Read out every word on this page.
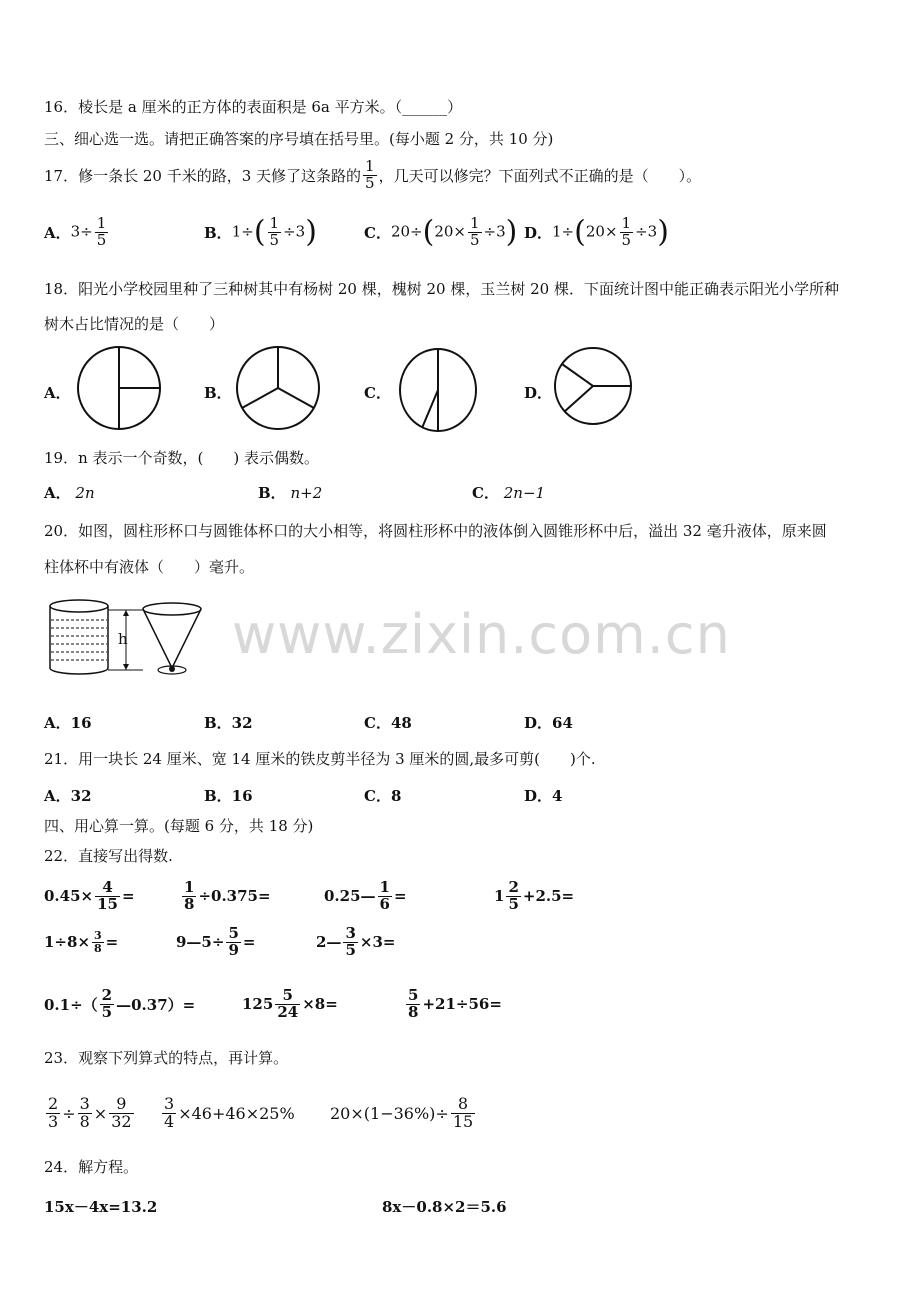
www.zixin.com.cn
16．棱长是 a 厘米的正方体的表面积是 6a 平方米。（______）
三、细心选一选。请把正确答案的序号填在括号里。(每小题 2 分，共 10 分)
17．修一条长 20 千米的路，3 天修了这条路的 $\frac{1}{5}$ ，几天可以修完？下面列式不正确的是（　　）。
A． $3\div \frac{1}{5}$	B． $1\div( \frac{1}{5} \div 3)$	C． $20\div(20\times \frac{1}{5} \div 3)$ D． $1\div(20\times \frac{1}{5} \div 3)$
18．阳光小学校园里种了三种树其中有杨树 20 棵，槐树 20 棵，玉兰树 20 棵．下面统计图中能正确表示阳光小学所种
树木占比情况的是（　　）
A．	B．	C．	D．
19．n 表示一个奇数，(　　) 表示偶数。
A． 2n	B． n+2	C． 2n−1
20．如图，圆柱形杯口与圆锥体杯口的大小相等，将圆柱形杯中的液体倒入圆锥形杯中后，溢出 32 毫升液体，原来圆
柱体杯中有液体（　　）毫升。
h
A．16	B．32	C．48	D．64
21．用一块长 24 厘米、宽 14 厘米的铁皮剪半径为 3 厘米的圆,最多可剪(　　)个.
A．32	B．16	C．8	D．4
四、用心算一算。(每题 6 分，共 18 分)
22．直接写出得数.
$0.45\times \frac{4}{15}$ =	$\frac{1}{8} \div 0.375=$	0.25— $\frac{1}{6}$ =	$1 \frac{2}{5} +2.5=$
$1\div 8\times \frac{3}{8}$ =	9—5÷ $\frac{5}{9}$ =	2— $\frac{3}{5} \times 3=$
$0.1\div( \frac{2}{5}$ —0.37）=	$125 \frac{5}{24} \times 8=$	$\frac{5}{8} +21\div 56=$
23．观察下列算式的特点，再计算。
$\frac{2}{3} \div \frac{3}{8} \times \frac{9}{32} \frac{3}{4} \times 46+46\times 25\%$ $20\times(1-36\%)\div \frac{8}{15}$
24．解方程。
15x－4x=13.2	8x－0.8×2＝5.6
